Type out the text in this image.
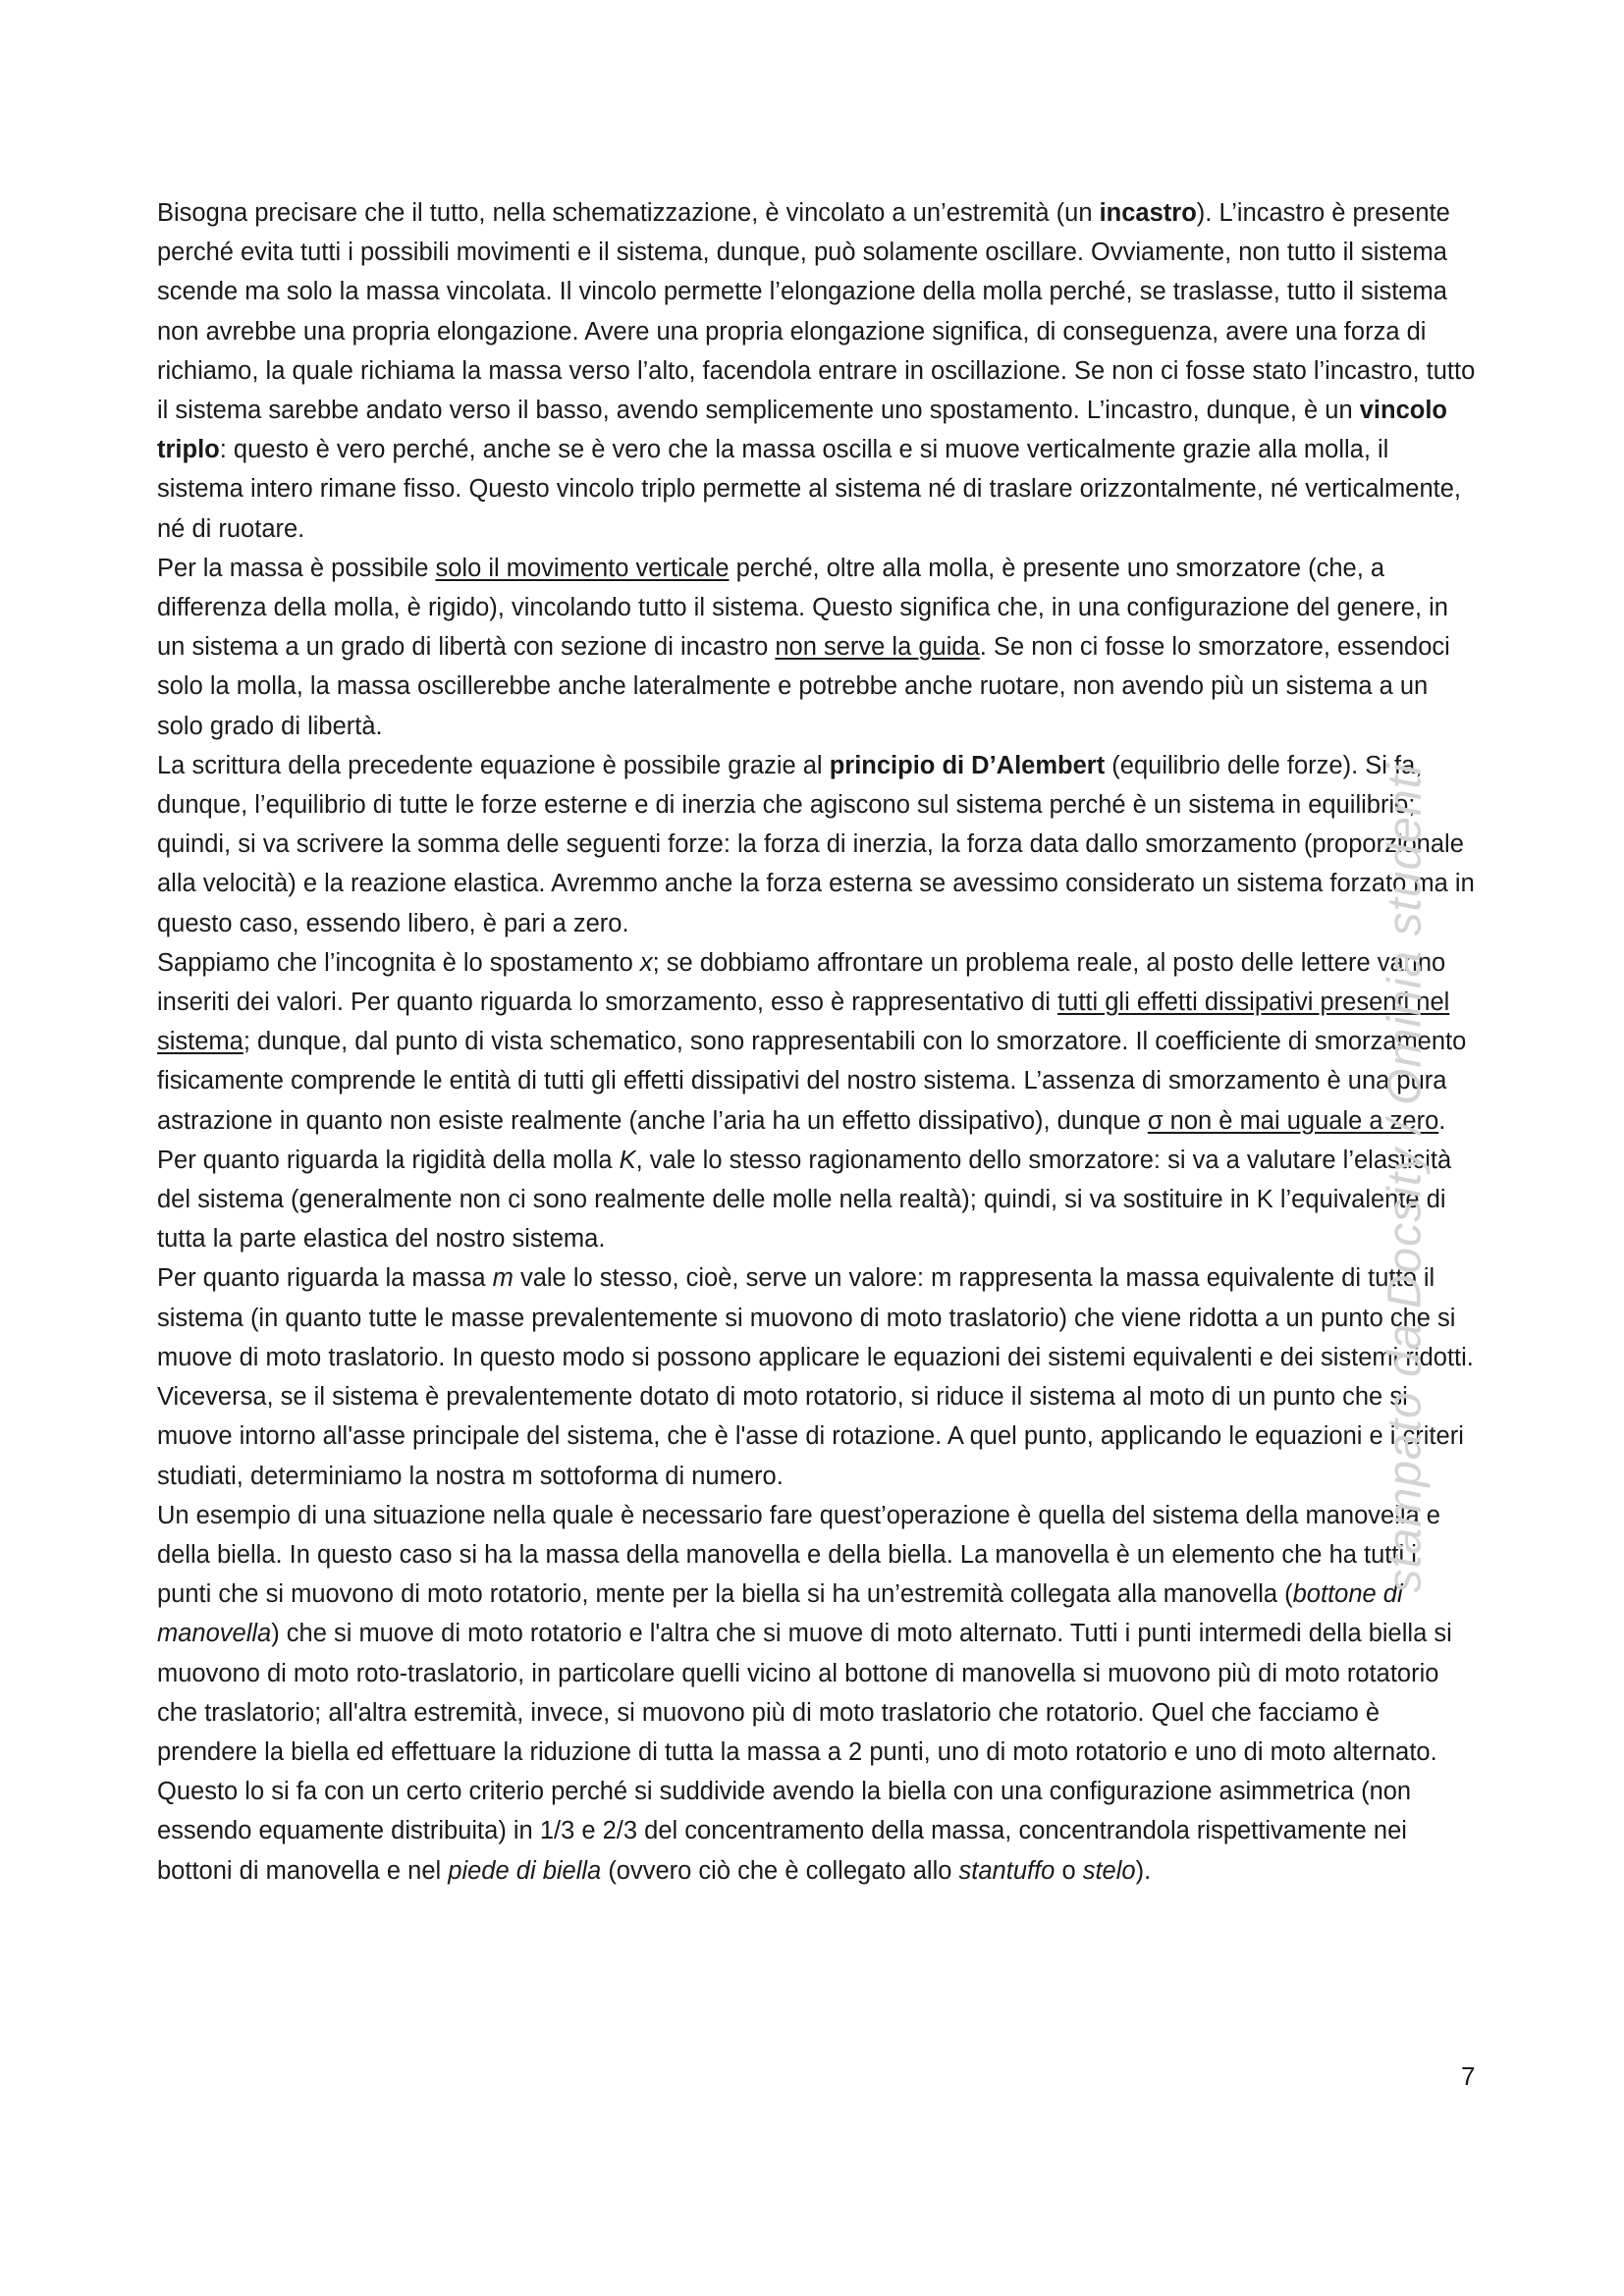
Bisogna precisare che il tutto, nella schematizzazione, è vincolato a un’estremità (un incastro). L’incastro è presente perché evita tutti i possibili movimenti e il sistema, dunque, può solamente oscillare. Ovviamente, non tutto il sistema scende ma solo la massa vincolata. Il vincolo permette l’elongazione della molla perché, se traslasse, tutto il sistema non avrebbe una propria elongazione. Avere una propria elongazione significa, di conseguenza, avere una forza di richiamo, la quale richiama la massa verso l’alto, facendola entrare in oscillazione. Se non ci fosse stato l’incastro, tutto il sistema sarebbe andato verso il basso, avendo semplicemente uno spostamento. L’incastro, dunque, è un vincolo triplo: questo è vero perché, anche se è vero che la massa oscilla e si muove verticalmente grazie alla molla, il sistema intero rimane fisso. Questo vincolo triplo permette al sistema né di traslare orizzontalmente, né verticalmente, né di ruotare.

Per la massa è possibile solo il movimento verticale perché, oltre alla molla, è presente uno smorzatore (che, a differenza della molla, è rigido), vincolando tutto il sistema. Questo significa che, in una configurazione del genere, in un sistema a un grado di libertà con sezione di incastro non serve la guida. Se non ci fosse lo smorzatore, essendoci solo la molla, la massa oscillerebbe anche lateralmente e potrebbe anche ruotare, non avendo più un sistema a un solo grado di libertà.

La scrittura della precedente equazione è possibile grazie al principio di D’Alembert (equilibrio delle forze). Si fa, dunque, l’equilibrio di tutte le forze esterne e di inerzia che agiscono sul sistema perché è un sistema in equilibrio; quindi, si va scrivere la somma delle seguenti forze: la forza di inerzia, la forza data dallo smorzamento (proporzionale alla velocità) e la reazione elastica. Avremmo anche la forza esterna se avessimo considerato un sistema forzato ma in questo caso, essendo libero, è pari a zero.

Sappiamo che l’incognita è lo spostamento x; se dobbiamo affrontare un problema reale, al posto delle lettere vanno inseriti dei valori. Per quanto riguarda lo smorzamento, esso è rappresentativo di tutti gli effetti dissipativi presenti nel sistema; dunque, dal punto di vista schematico, sono rappresentabili con lo smorzatore. Il coefficiente di smorzamento fisicamente comprende le entità di tutti gli effetti dissipativi del nostro sistema. L’assenza di smorzamento è una pura astrazione in quanto non esiste realmente (anche l’aria ha un effetto dissipativo), dunque σ non è mai uguale a zero.

Per quanto riguarda la rigidità della molla K, vale lo stesso ragionamento dello smorzatore: si va a valutare l’elasticità del sistema (generalmente non ci sono realmente delle molle nella realtà); quindi, si va sostituire in K l’equivalente di tutta la parte elastica del nostro sistema.

Per quanto riguarda la massa m vale lo stesso, cioè, serve un valore: m rappresenta la massa equivalente di tutto il sistema (in quanto tutte le masse prevalentemente si muovono di moto traslatorio) che viene ridotta a un punto che si muove di moto traslatorio. In questo modo si possono applicare le equazioni dei sistemi equivalenti e dei sistemi ridotti. Viceversa, se il sistema è prevalentemente dotato di moto rotatorio, si riduce il sistema al moto di un punto che si muove intorno all'asse principale del sistema, che è l'asse di rotazione. A quel punto, applicando le equazioni e i criteri studiati, determiniamo la nostra m sottoforma di numero.

Un esempio di una situazione nella quale è necessario fare quest’operazione è quella del sistema della manovella e della biella. In questo caso si ha la massa della manovella e della biella. La manovella è un elemento che ha tutti i punti che si muovono di moto rotatorio, mente per la biella si ha un’estremità collegata alla manovella (bottone di manovella) che si muove di moto rotatorio e l'altra che si muove di moto alternato. Tutti i punti intermedi della biella si muovono di moto roto-traslatorio, in particolare quelli vicino al bottone di manovella si muovono più di moto rotatorio che traslatorio; all'altra estremità, invece, si muovono più di moto traslatorio che rotatorio. Quel che facciamo è prendere la biella ed effettuare la riduzione di tutta la massa a 2 punti, uno di moto rotatorio e uno di moto alternato. Questo lo si fa con un certo criterio perché si suddivide avendo la biella con una configurazione asimmetrica (non essendo equamente distribuita) in 1/3 e 2/3 del concentramento della massa, concentrandola rispettivamente nei bottoni di manovella e nel piede di biella (ovvero ciò che è collegato allo stantuffo o stelo).

stampato da Docsity / Ominia studenti
7
